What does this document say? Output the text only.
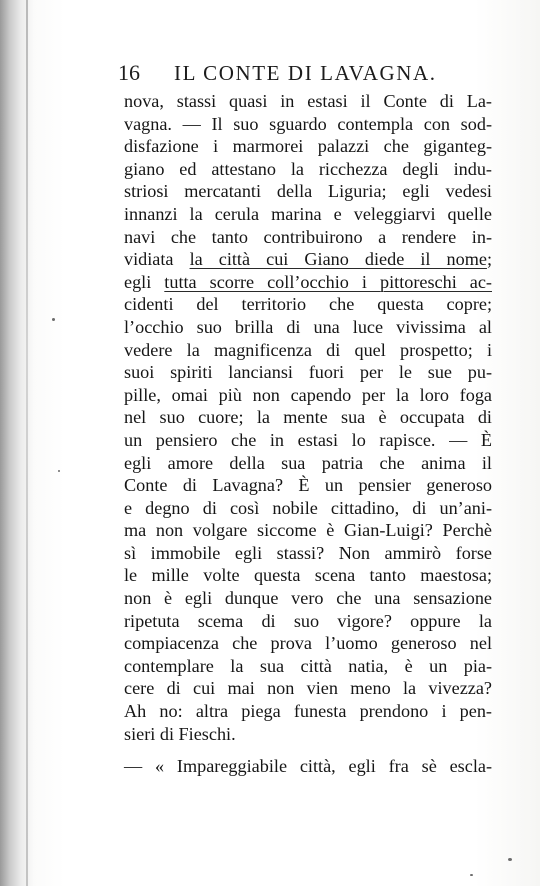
16	IL CONTE DI LAVAGNA.
nova, stassi quasi in estasi il Conte di La-
vagna. — Il suo sguardo contempla con sod-
disfazione i marmorei palazzi che giganteg-
giano ed attestano la ricchezza degli indu-
striosi mercatanti della Liguria; egli vedesi
innanzi la cerula marina e veleggiarvi quelle
navi che tanto contribuirono a rendere in-
vidiata la città cui Giano diede il nome;
egli tutta scorre coll’occhio i pittoreschi ac-
cidenti del territorio che questa copre;
l’occhio suo brilla di una luce vivissima al
vedere la magnificenza di quel prospetto; i
suoi spiriti lanciansi fuori per le sue pu-
pille, omai più non capendo per la loro foga
nel suo cuore; la mente sua è occupata di
un pensiero che in estasi lo rapisce. — È
egli amore della sua patria che anima il
Conte di Lavagna? È un pensier generoso
e degno di così nobile cittadino, di un’ani-
ma non volgare siccome è Gian-Luigi? Perchè
sì immobile egli stassi? Non ammirò forse
le mille volte questa scena tanto maestosa;
non è egli dunque vero che una sensazione
ripetuta scema di suo vigore? oppure la
compiacenza che prova l’uomo generoso nel
contemplare la sua città natia, è un pia-
cere di cui mai non vien meno la vivezza?
Ah no: altra piega funesta prendono i pen-
sieri di Fieschi.
— « Impareggiabile città, egli fra sè escla-
